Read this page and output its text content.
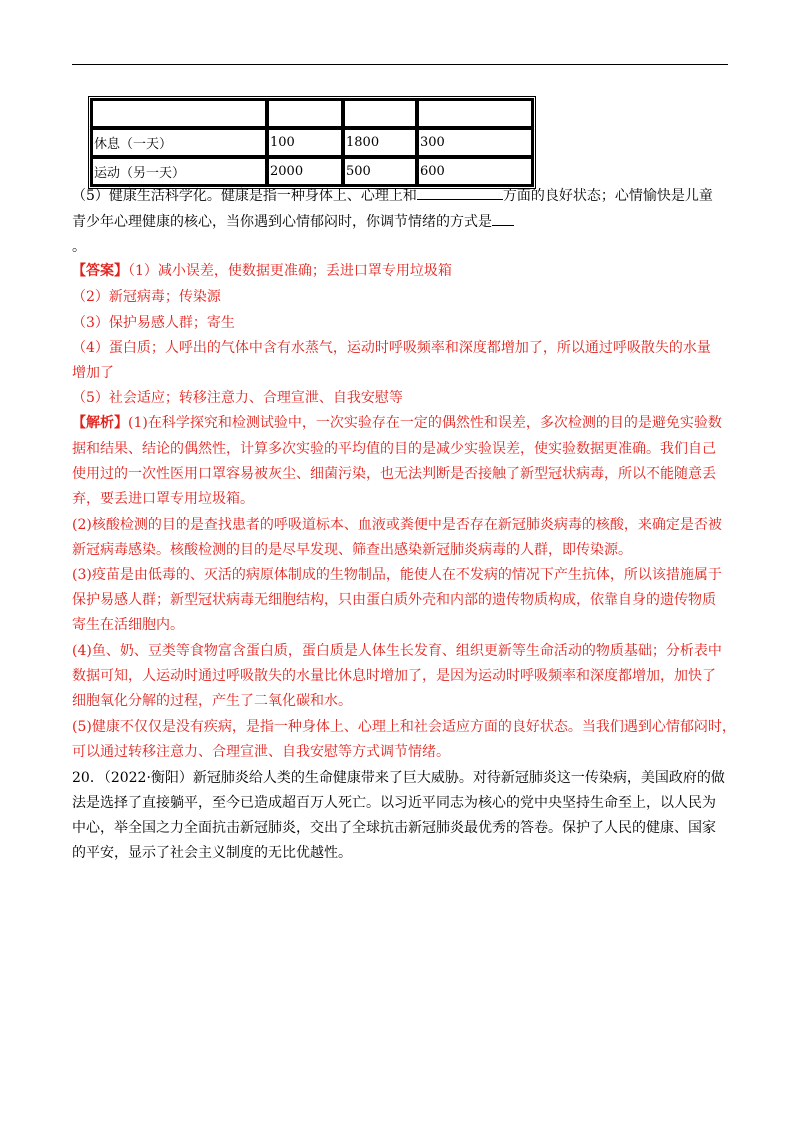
休息（一天）	100	1800	300
运动（另一天）	2000	500	600
（5）健康生活科学化。健康是指一种身体上、心理上和	方面的良好状态；心情愉快是儿童
青少年心理健康的核心，当你遇到心情郁闷时，你调节情绪的方式是
。
【答案】（1）减小误差，使数据更准确；丢进口罩专用垃圾箱
（2）新冠病毒；传染源
（3）保护易感人群；寄生
（4）蛋白质；人呼出的气体中含有水蒸气，运动时呼吸频率和深度都增加了，所以通过呼吸散失的水量
增加了
（5）社会适应；转移注意力、合理宣泄、自我安慰等
【解析】(1)在科学探究和检测试验中，一次实验存在一定的偶然性和误差，多次检测的目的是避免实验数
据和结果、结论的偶然性，计算多次实验的平均值的目的是减少实验误差，使实验数据更准确。我们自己
使用过的一次性医用口罩容易被灰尘、细菌污染，也无法判断是否接触了新型冠状病毒，所以不能随意丢
弃，要丢进口罩专用垃圾箱。
(2)核酸检测的目的是查找患者的呼吸道标本、血液或粪便中是否存在新冠肺炎病毒的核酸，来确定是否被
新冠病毒感染。核酸检测的目的是尽早发现、筛查出感染新冠肺炎病毒的人群，即传染源。
(3)疫苗是由低毒的、灭活的病原体制成的生物制品，能使人在不发病的情况下产生抗体，所以该措施属于
保护易感人群；新型冠状病毒无细胞结构，只由蛋白质外壳和内部的遗传物质构成，依靠自身的遗传物质
寄生在活细胞内。
(4)鱼、奶、豆类等食物富含蛋白质，蛋白质是人体生长发育、组织更新等生命活动的物质基础；分析表中
数据可知，人运动时通过呼吸散失的水量比休息时增加了，是因为运动时呼吸频率和深度都增加，加快了
细胞氧化分解的过程，产生了二氧化碳和水。
(5)健康不仅仅是没有疾病，是指一种身体上、心理上和社会适应方面的良好状态。当我们遇到心情郁闷时，
可以通过转移注意力、合理宣泄、自我安慰等方式调节情绪。
20．（2022·衡阳）新冠肺炎给人类的生命健康带来了巨大威胁。对待新冠肺炎这一传染病，美国政府的做
法是选择了直接躺平，至今已造成超百万人死亡。以习近平同志为核心的党中央坚持生命至上，以人民为
中心，举全国之力全面抗击新冠肺炎，交出了全球抗击新冠肺炎最优秀的答卷。保护了人民的健康、国家
的平安，显示了社会主义制度的无比优越性。
